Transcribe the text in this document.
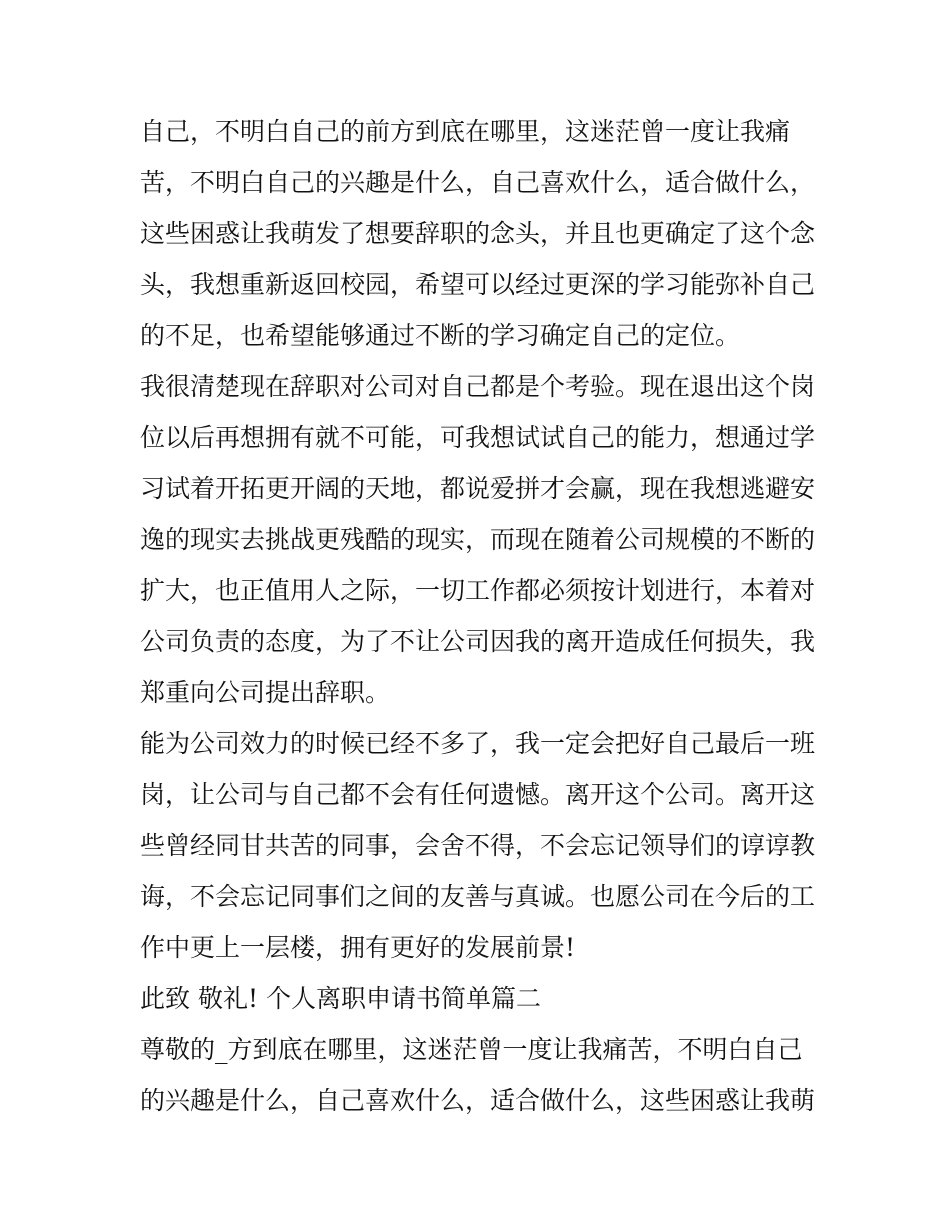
自己，不明白自己的前方到底在哪里，这迷茫曾一度让我痛
苦，不明白自己的兴趣是什么，自己喜欢什么，适合做什么，
这些困惑让我萌发了想要辞职的念头，并且也更确定了这个念
头，我想重新返回校园，希望可以经过更深的学习能弥补自己
的不足，也希望能够通过不断的学习确定自己的定位。
我很清楚现在辞职对公司对自己都是个考验。现在退出这个岗
位以后再想拥有就不可能，可我想试试自己的能力，想通过学
习试着开拓更开阔的天地，都说爱拼才会赢，现在我想逃避安
逸的现实去挑战更残酷的现实，而现在随着公司规模的不断的
扩大，也正值用人之际，一切工作都必须按计划进行，本着对
公司负责的态度，为了不让公司因我的离开造成任何损失，我
郑重向公司提出辞职。
能为公司效力的时候已经不多了，我一定会把好自己最后一班
岗，让公司与自己都不会有任何遗憾。离开这个公司。离开这
些曾经同甘共苦的同事，会舍不得，不会忘记领导们的谆谆教
诲，不会忘记同事们之间的友善与真诚。也愿公司在今后的工
作中更上一层楼，拥有更好的发展前景!
此致 敬礼! 个人离职申请书简单篇二
尊敬的_方到底在哪里，这迷茫曾一度让我痛苦，不明白自己
的兴趣是什么，自己喜欢什么，适合做什么，这些困惑让我萌
